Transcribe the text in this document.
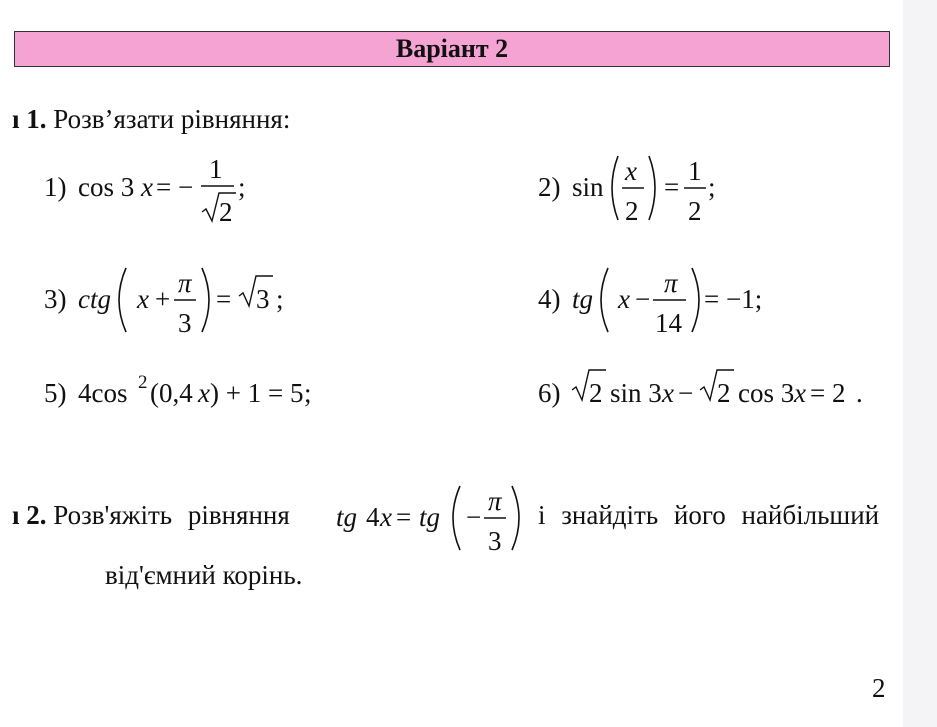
Варіант 2
ı 1. Розв’язати рівняння:
1) cos 3 x = −
1
2
;	2) sin
x
2
=
1
2
;
3) ctg x +
π
3
= 3 ;	4) tg x −
π
14
= −1;
5) 4cos 2 (0,4 x ) + 1 = 5 ;	6) 2 sin 3 x − 2 cos 3 x = 2 .
ı 2. Розв'яжіть рівняння	tg 4 x = tg −
π
3
і знайдіть його найбільший
від'ємний корінь.
2
